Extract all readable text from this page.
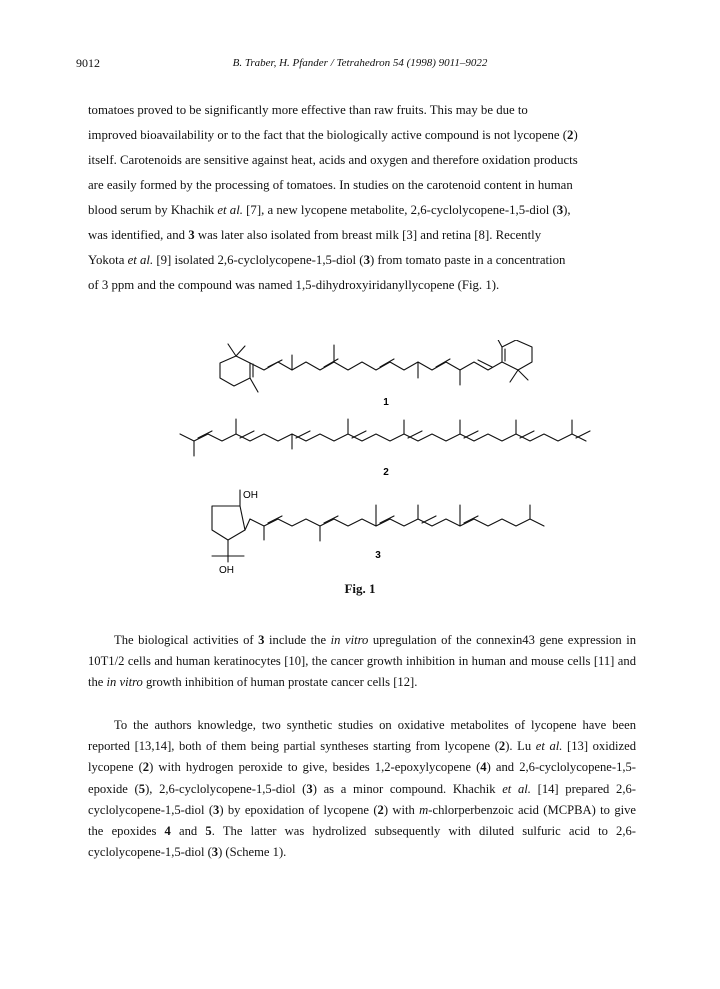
9012	B. Traber, H. Pfander / Tetrahedron 54 (1998) 9011–9022
tomatoes proved to be significantly more effective than raw fruits. This may be due to
improved bioavailability or to the fact that the biologically active compound is not lycopene (2)
itself. Carotenoids are sensitive against heat, acids and oxygen and therefore oxidation products
are easily formed by the processing of tomatoes. In studies on the carotenoid content in human
blood serum by Khachik et al. [7], a new lycopene metabolite, 2,6-cyclolycopene-1,5-diol (3),
was identified, and 3 was later also isolated from breast milk [3] and retina [8]. Recently
Yokota et al. [9] isolated 2,6-cyclolycopene-1,5-diol (3) from tomato paste in a concentration
of 3 ppm and the compound was named 1,5-dihydroxyiridanyllycopene (Fig. 1).
1
2
3
OH
OH
Fig. 1

The biological activities of 3 include the in vitro upregulation of the connexin43 gene expression in 10T1/2 cells and human keratinocytes [10], the cancer growth inhibition in human and mouse cells [11] and the in vitro growth inhibition of human prostate cancer cells [12].

To the authors knowledge, two synthetic studies on oxidative metabolites of lycopene have been reported [13,14], both of them being partial syntheses starting from lycopene (2). Lu et al. [13] oxidized lycopene (2) with hydrogen peroxide to give, besides 1,2-epoxylycopene (4) and 2,6-cyclolycopene-1,5-epoxide (5), 2,6-cyclolycopene-1,5-diol (3) as a minor compound. Khachik et al. [14] prepared 2,6-cyclolycopene-1,5-diol (3) by epoxidation of lycopene (2) with m-chlorperbenzoic acid (MCPBA) to give the epoxides 4 and 5. The latter was hydrolized subsequently with diluted sulfuric acid to 2,6-cyclolycopene-1,5-diol (3) (Scheme 1).
